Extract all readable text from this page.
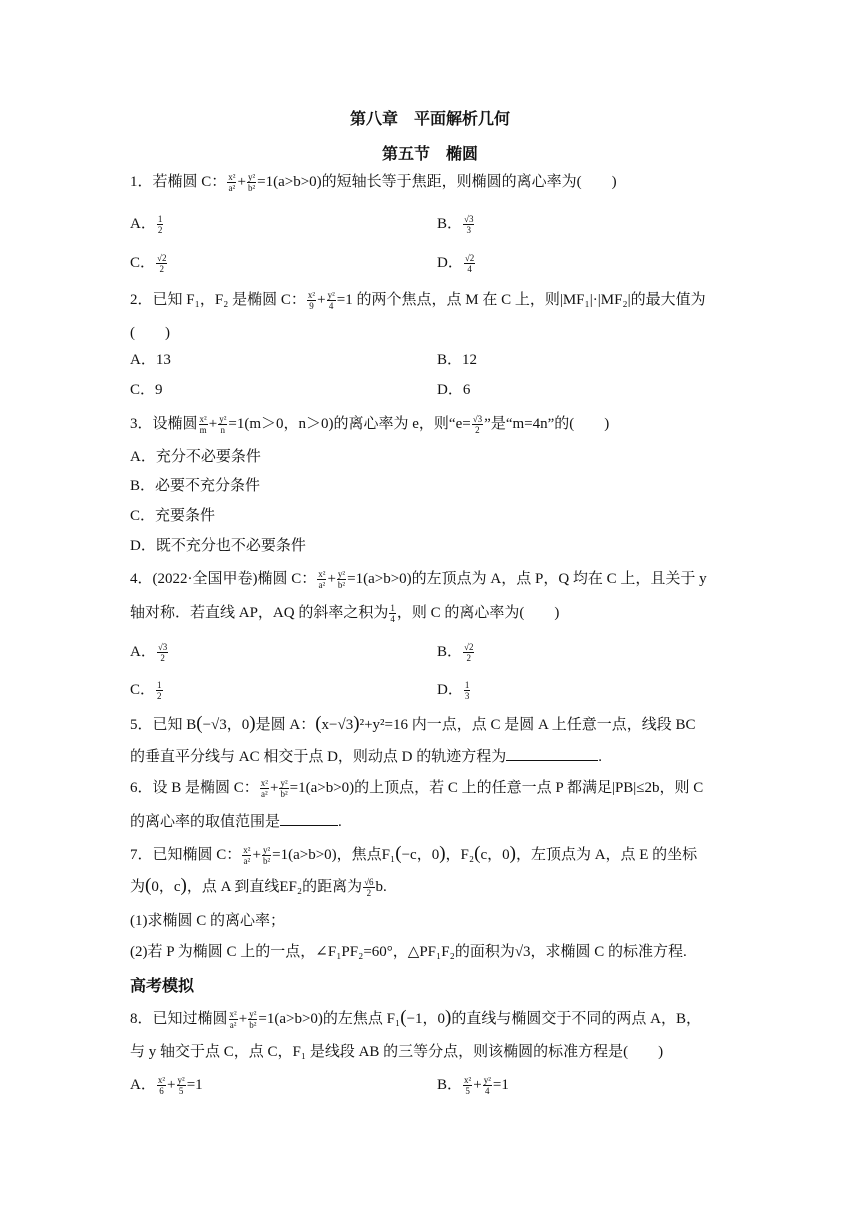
第八章　平面解析几何
第五节　椭圆
1．若椭圆 C： $\frac{\text{x²}}{\text{a²}} + \frac{\text{y²}}{\text{b²}} =1(a>b>0)$的短轴长等于焦距，则椭圆的离心率为(　　)
A． $\frac{1}{2}$	B． $\frac{√3}{3}$
C． $\frac{√2}{2}$	D． $\frac{√2}{4}$
2．已知 F₁，F₂ 是椭圆 C： $\frac{\text{x²}}{9} + \frac{\text{y²}}{4} =1$ 的两个焦点，点 M 在 C 上，则|MF₁|·|MF₂|的最大值为
(　　)
A．13	B．12
C．9	D．6
3．设椭圆 $\frac{\text{x²}}{m} + \frac{\text{y²}}{n} =1(m>0$，n＞0)的离心率为 e，则“$e= \frac{√3}{2}$ ”是“m=4n”的(　　)
A．充分不必要条件
B．必要不充分条件
C．充要条件
D．既不充分也不必要条件
4．(2022·全国甲卷)椭圆 C： $\frac{\text{x²}}{\text{a²}} + \frac{\text{y²}}{\text{b²}} =1(a>b>0)$的左顶点为 A，点 P，Q 均在 C 上，且关于 y
轴对称．若直线 AP，AQ 的斜率之积为 $\frac{1}{4}$ ，则 C 的离心率为(　　)
A． $\frac{√3}{2}$	B． $\frac{√2}{2}$
C． $\frac{1}{2}$	D． $\frac{1}{3}$
5．已知 B(−√3，0)是圆 A：(x−√3)²+y²=16 内一点，点 C 是圆 A 上任意一点，线段 BC
的垂直平分线与 AC 相交于点 D，则动点 D 的轨迹方程为	.
6．设 B 是椭圆 C： $\frac{\text{x²}}{\text{a²}} + \frac{\text{y²}}{\text{b²}} =1(a>b>0)$的上顶点，若 C 上的任意一点 P 都满足|PB|≤2b，则 C
的离心率的取值范围是	.
7．已知椭圆 C： $\frac{\text{x²}}{\text{a²}} + \frac{\text{y²}}{\text{b²}} =1(a>b>0)$，焦点F₁(−c，0)，F₂(c，0)，左顶点为 A，点 E 的坐标
为(0，c)，点 A 到直线EF₂的距离为 $\frac{√6}{2} b$.
(1)求椭圆 C 的离心率；
(2)若 P 为椭圆 C 上的一点，∠F₁PF₂=60°，△PF₁F₂的面积为√3，求椭圆 C 的标准方程.
高考模拟
8．已知过椭圆 $\frac{\text{x²}}{\text{a²}} + \frac{\text{y²}}{\text{b²}} =1(a>b>0)$的左焦点 F₁(−1，0)的直线与椭圆交于不同的两点 A，B，
与 y 轴交于点 C，点 C，F₁ 是线段 AB 的三等分点，则该椭圆的标准方程是(　　)
A． $\frac{\text{x²}}{6} + \frac{\text{y²}}{5} =1$	B． $\frac{\text{x²}}{5} + \frac{\text{y²}}{4} =1$
